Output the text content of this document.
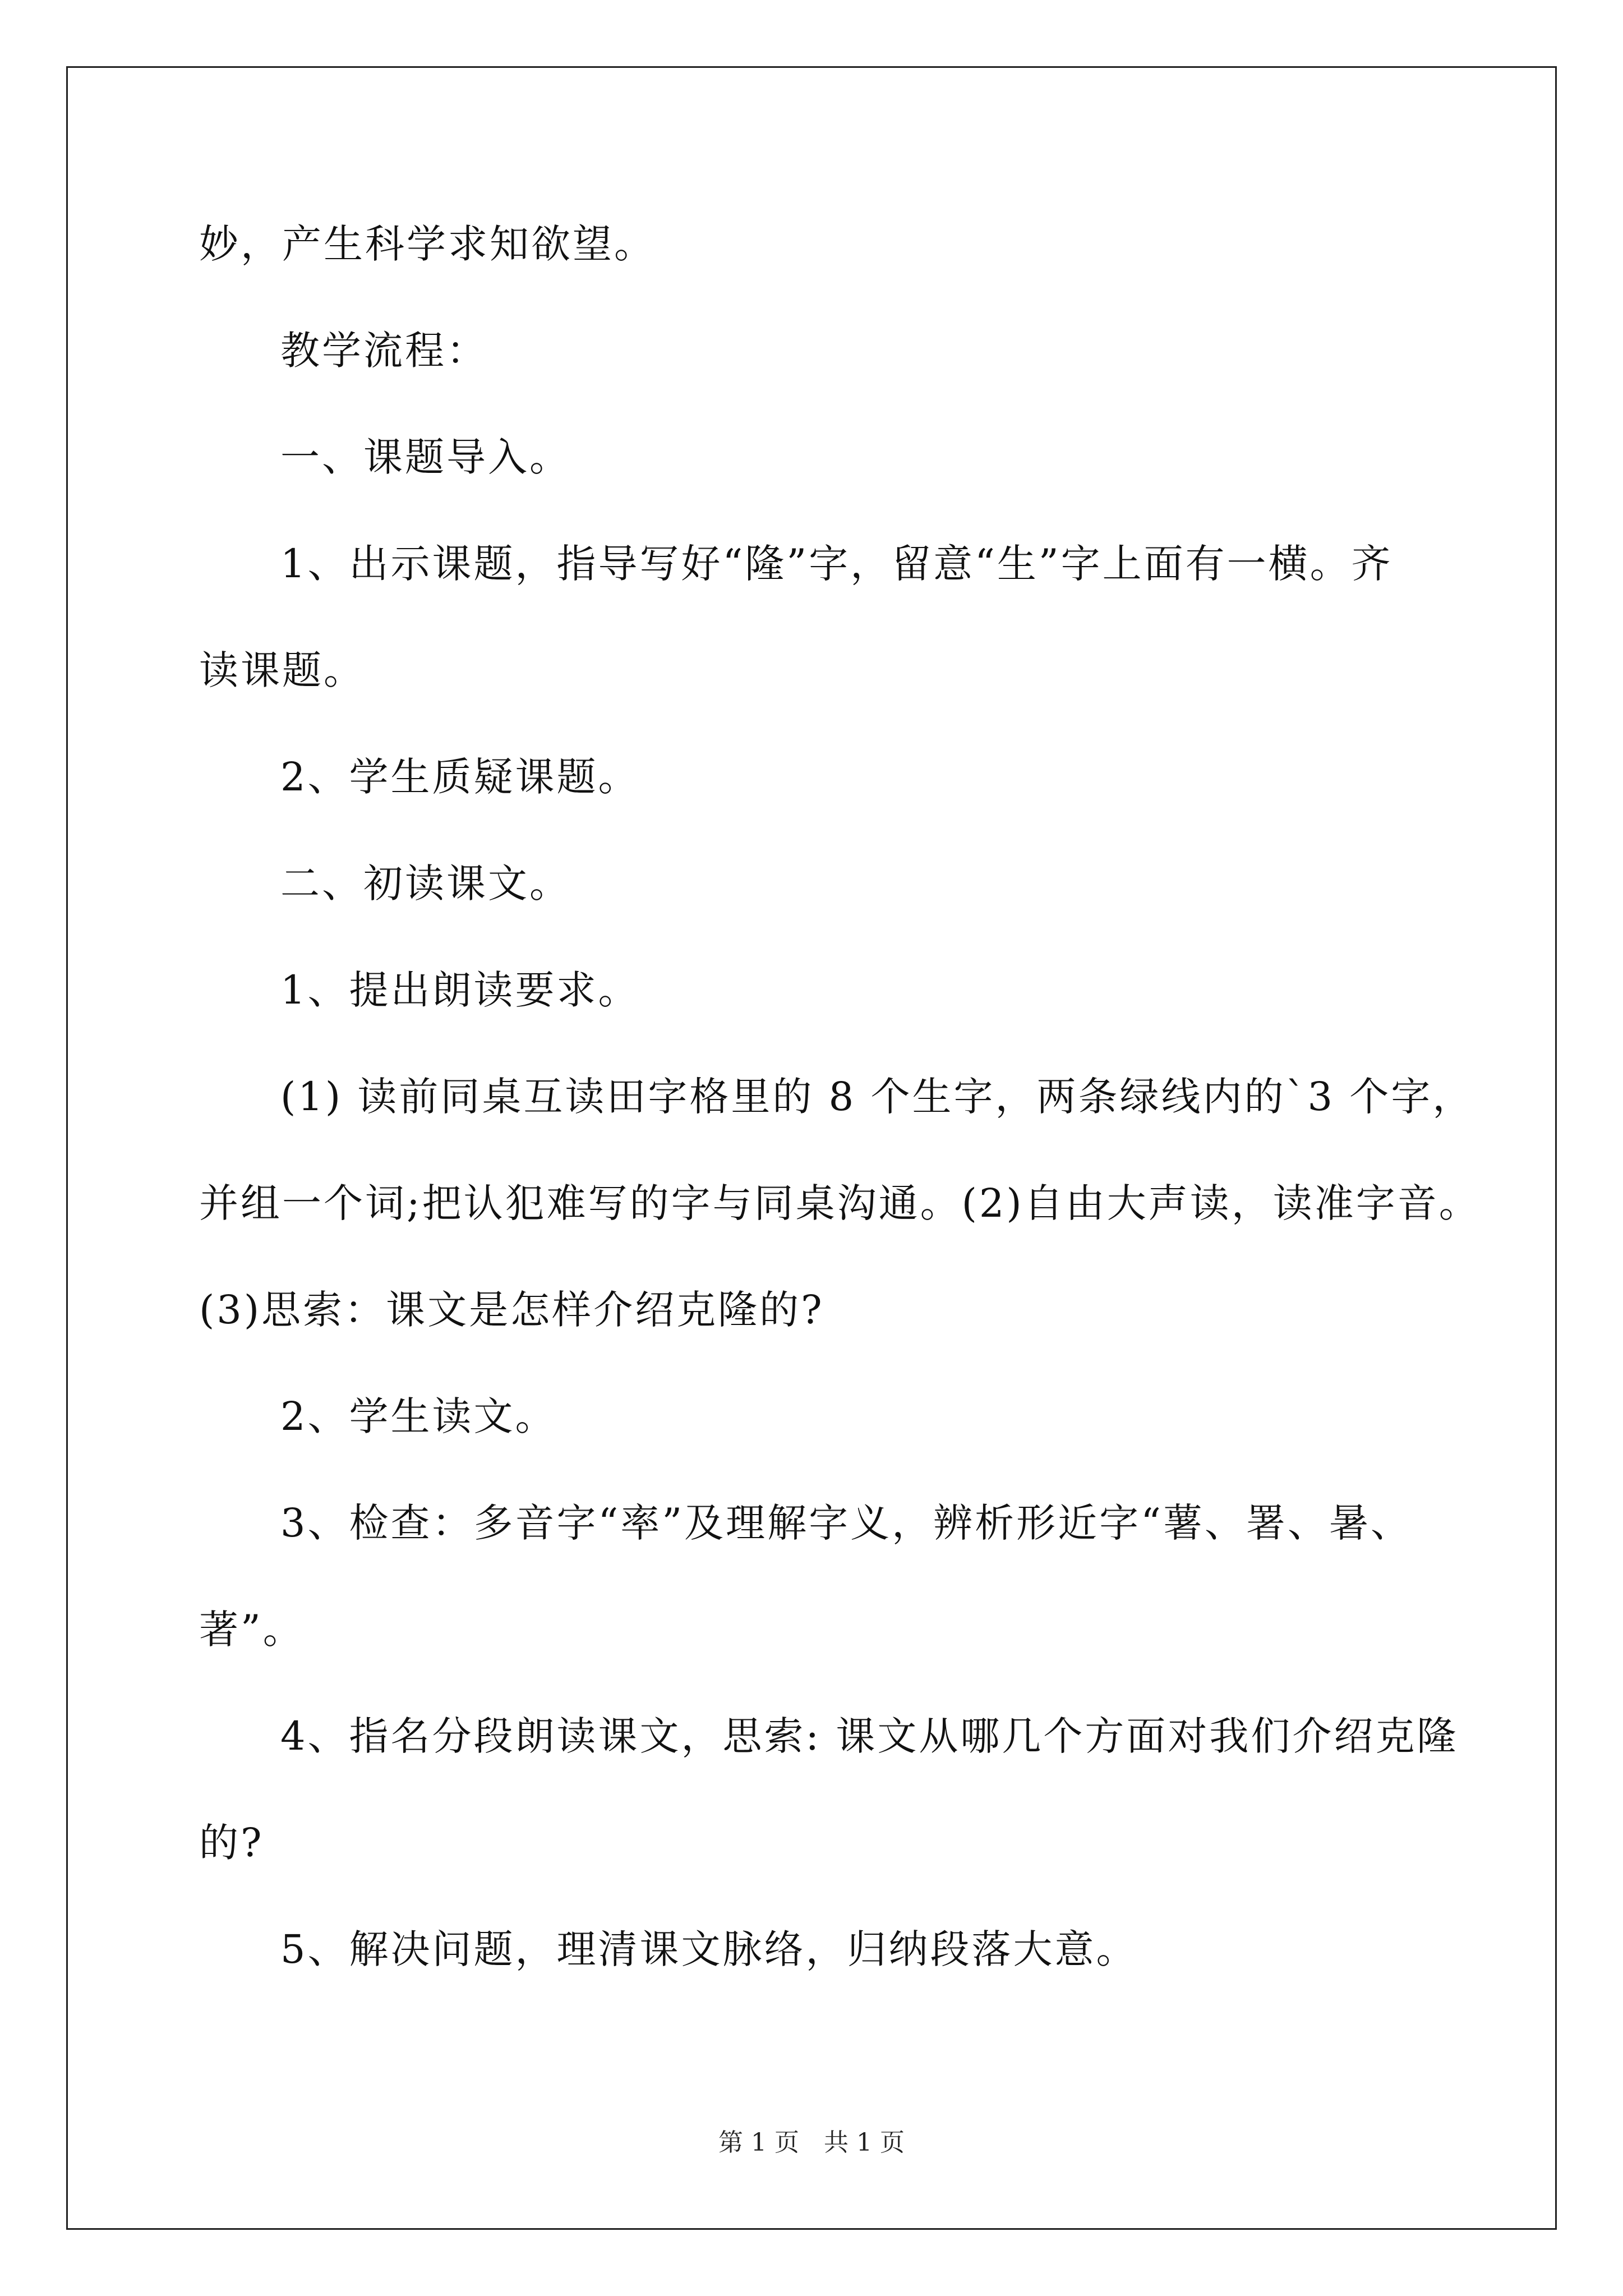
妙，产生科学求知欲望。
教学流程：
一、课题导入。
1、出示课题，指导写好“隆”字，留意“生”字上面有一横。齐
读课题。
2、学生质疑课题。
二、初读课文。
1、提出朗读要求。
(1) 读前同桌互读田字格里的 8 个生字，两条绿线内的`3 个字，
并组一个词;把认犯难写的字与同桌沟通。(2)自由大声读，读准字音。
(3)思索：课文是怎样介绍克隆的?
2、学生读文。
3、检查：多音字“率”及理解字义，辨析形近字“薯、署、暑、
著”。
4、指名分段朗读课文，思索: 课文从哪几个方面对我们介绍克隆
的?
5、解决问题，理清课文脉络，归纳段落大意。
第 1 页　共 1 页
